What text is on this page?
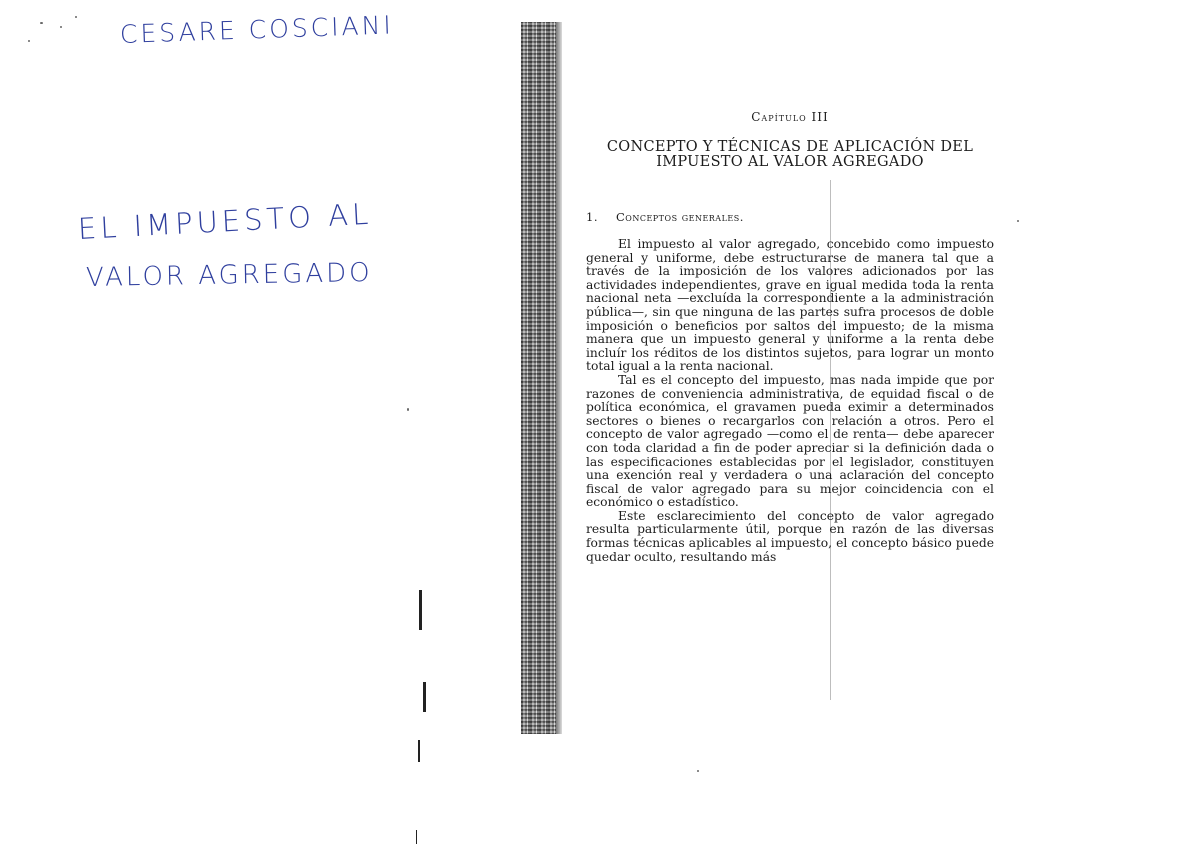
CESARE COSCIANI
EL IMPUESTO AL
VALOR AGREGADO
Capítulo III
CONCEPTO Y TÉCNICAS DE APLICACIÓN DEL IMPUESTO AL VALOR AGREGADO
1. Conceptos generales.

El impuesto al valor agregado, concebido como impuesto general y uniforme, debe estructurarse de manera tal que a través de la imposición de los valores adicionados por las actividades independientes, grave en igual medida toda la renta nacional neta —excluída la correspondiente a la administración pública—, sin que ninguna de las partes sufra procesos de doble imposición o beneficios por saltos del impuesto; de la misma manera que un impuesto general y uniforme a la renta debe incluír los réditos de los distintos sujetos, para lograr un monto total igual a la renta nacional.

Tal es el concepto del impuesto, mas nada impide que por razones de conveniencia administrativa, de equidad fiscal o de política económica, el gravamen pueda eximir a determinados sectores o bienes o recargarlos con relación a otros. Pero el concepto de valor agregado —como el de renta— debe aparecer con toda claridad a fin de poder apreciar si la definición dada o las especificaciones establecidas por el legislador, constituyen una exención real y verdadera o una aclaración del concepto fiscal de valor agregado para su mejor coincidencia con el económico o estadístico.

Este esclarecimiento del concepto de valor agregado resulta particularmente útil, porque en razón de las diversas formas técnicas aplicables al impuesto, el concepto básico puede quedar oculto, resultando más
